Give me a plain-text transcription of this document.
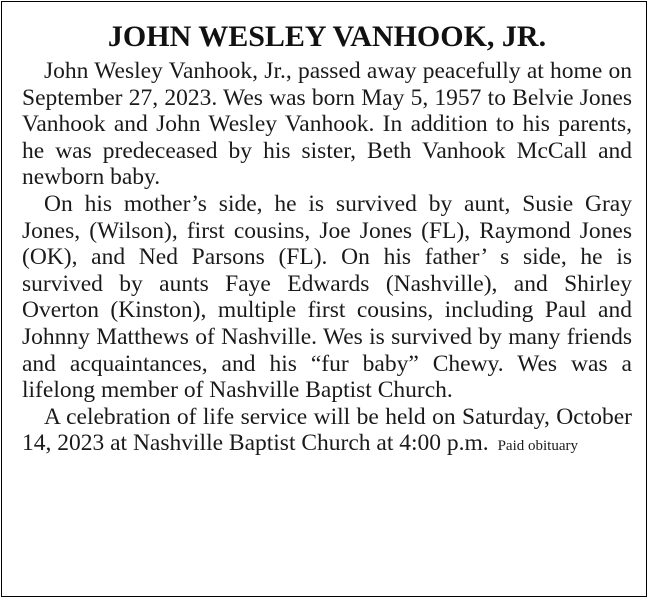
JOHN WESLEY VANHOOK, JR.

John Wesley Vanhook, Jr., passed away peacefully at home on September 27, 2023. Wes was born May 5, 1957 to Belvie Jones Vanhook and John Wesley Vanhook. In addition to his parents, he was predeceased by his sister, Beth Vanhook McCall and newborn baby.

On his mother’s side, he is survived by aunt, Susie Gray Jones, (Wilson), first cousins, Joe Jones (FL), Raymond Jones (OK), and Ned Parsons (FL). On his father’ s side, he is survived by aunts Faye Edwards (Nashville), and Shirley Overton (Kinston), multiple first cousins, including Paul and Johnny Matthews of Nashville. Wes is survived by many friends and acquaintances, and his “fur baby” Chewy. Wes was a lifelong member of Nashville Baptist Church.

A celebration of life service will be held on Saturday, October 14, 2023 at Nashville Baptist Church at 4:00 p.m. Paid obituary
